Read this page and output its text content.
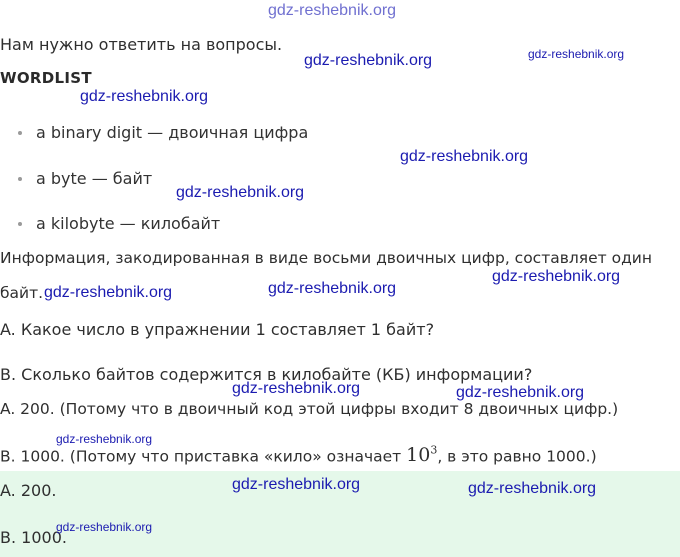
gdz-reshebnik.org
Нам нужно ответить на вопросы.
WORDLIST
a binary digit — двоичная цифра
a byte — байт
a kilobyte — килобайт
Информация, закодированная в виде восьми двоичных цифр, составляет один
байт.
A. Какое число в упражнении 1 составляет 1 байт?
B. Сколько байтов содержится в килобайте (КБ) информации?
A. 200. (Потому что в двоичный код этой цифры входит 8 двоичных цифр.)
B. 1000. (Потому что приставка «кило» означает $10^3$, в это равно 1000.)
A. 200.
B. 1000.
gdz-reshebnik.org	gdz-reshebnik.org
gdz-reshebnik.org
gdz-reshebnik.org
gdz-reshebnik.org
gdz-reshebnik.org
gdz-reshebnik.org
gdz-reshebnik.org
gdz-reshebnik.org	gdz-reshebnik.org
gdz-reshebnik.org
gdz-reshebnik.org	gdz-reshebnik.org
gdz-reshebnik.org
